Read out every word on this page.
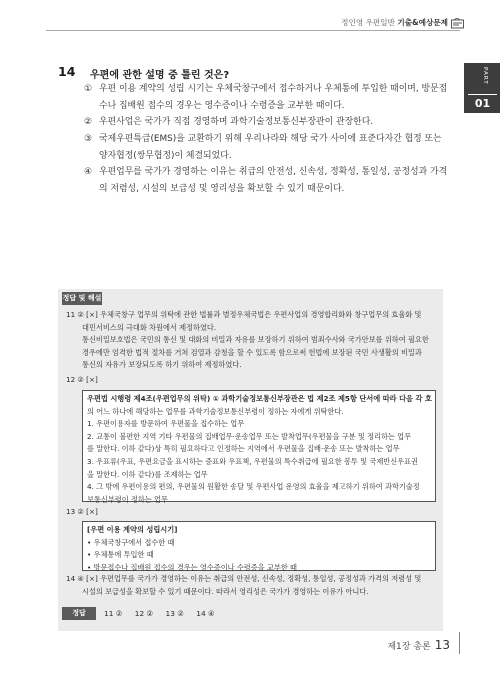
정인영 우편일반 기출&예상문제
PART
01
14 우편에 관한 설명 중 틀린 것은?
① 우편 이용 계약의 성립 시기는 우체국창구에서 접수하거나 우체통에 투입한 때이며, 방문접수나 집배원 접수의 경우는 영수증이나 수령증을 교부한 때이다.
② 우편사업은 국가가 직접 경영하며 과학기술정보통신부장관이 관장한다.
③ 국제우편특급(EMS)을 교환하기 위해 우리나라와 해당 국가 사이에 표준다자간 협정 또는 양자협정(쌍무협정)이 체결되었다.
④ 우편업무를 국가가 경영하는 이유는 취급의 안전성, 신속성, 정확성, 통일성, 공정성과 가격의 저렴성, 시설의 보급성 및 영리성을 확보할 수 있기 때문이다.
정답 및 해설
11 ② [×] 우체국창구 업무의 위탁에 관한 법률과 별정우체국법은 우편사업의 경영합리화와 창구업무의 효율화 및
대민서비스의 극대화 차원에서 제정하였다.
통신비밀보호법은 국민의 통신 및 대화의 비밀과 자유를 보장하기 위하여 범죄수사와 국가안보를 위하여 필요한
경우에만 엄격한 법적 절차를 거쳐 검열과 감청을 할 수 있도록 함으로써 헌법에 보장된 국민 사생활의 비밀과
통신의 자유가 보장되도록 하기 위하여 제정하였다.
12 ② [×]
우편법 시행령 제4조(우편업무의 위탁) ① 과학기술정보통신부장관은 법 제2조 제5항 단서에 따라 다음 각 호
의 어느 하나에 해당하는 업무를 과학기술정보통신부령이 정하는 자에게 위탁한다.
1. 우편이용자를 방문하여 우편물을 접수하는 업무
2. 교통이 불편한 지역 기타 우편물의 집배업무·운송업무 또는 발착업무(우편물을 구분 및 정리하는 업무
를 말한다. 이하 같다)상 특히 필요하다고 인정하는 지역에서 우편물을 집배·운송 또는 발착하는 업무
3. 우표류(우표, 우편요금을 표시하는 증표와 우표책, 우편물의 특수취급에 필요한 봉투 및 국제반신우표권
을 말한다. 이하 같다)를 조제하는 업무
4. 그 밖에 우편이용의 편의, 우편물의 원활한 송달 및 우편사업 운영의 효율을 제고하기 위하여 과학기술정
보통신부령이 정하는 업무
13 ② [×]
[우편 이용 계약의 성립시기]
• 우체국창구에서 접수한 때
• 우체통에 투입한 때
• 방문접수나 집배원 접수의 경우는 영수증이나 수령증을 교부한 때
14 ④ [×] 우편업무를 국가가 경영하는 이유는 취급의 안전성, 신속성, 정확성, 통일성, 공정성과 가격의 저렴성 및
시설의 보급성을 확보할 수 있기 때문이다. 따라서 영리성은 국가가 경영하는 이유가 아니다.
정답	11 ② 12 ② 13 ② 14 ④
제1장 총론 13
